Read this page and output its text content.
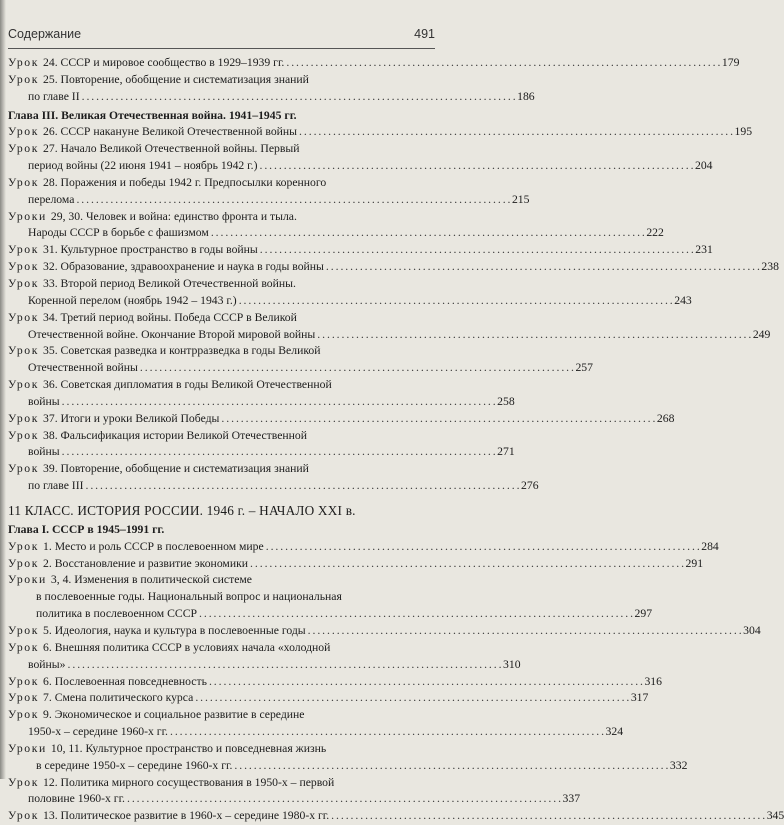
Содержание	491
Урок 24. СССР и мировое сообщество в 1929–1939 гг. . . .	179
Урок 25. Повторение, обобщение и систематизация знаний
по главе II . . .	186
Глава III. Великая Отечественная война. 1941–1945 гг.
Урок 26. СССР накануне Великой Отечественной войны . . .	195
Урок 27. Начало Великой Отечественной войны. Первый
период войны (22 июня 1941 – ноябрь 1942 г.) . . .	204
Урок 28. Поражения и победы 1942 г. Предпосылки коренного
перелома . . .	215
Уроки 29, 30. Человек и война: единство фронта и тыла.
Народы СССР в борьбе с фашизмом . . .	222
Урок 31. Культурное пространство в годы войны . . .	231
Урок 32. Образование, здравоохранение и наука в годы войны . . .	238
Урок 33. Второй период Великой Отечественной войны.
Коренной перелом (ноябрь 1942 – 1943 г.) . . .	243
Урок 34. Третий период войны. Победа СССР в Великой
Отечественной войне. Окончание Второй мировой войны . . .	249
Урок 35. Советская разведка и контрразведка в годы Великой
Отечественной войны . . .	257
Урок 36. Советская дипломатия в годы Великой Отечественной
войны . . .	258
Урок 37. Итоги и уроки Великой Победы . . .	268
Урок 38. Фальсификация истории Великой Отечественной
войны . . .	271
Урок 39. Повторение, обобщение и систематизация знаний
по главе III . . .	276
11 КЛАСС. ИСТОРИЯ РОССИИ. 1946 г. – НАЧАЛО XXI в.
Глава I. СССР в 1945–1991 гг.
Урок 1. Место и роль СССР в послевоенном мире . . .	284
Урок 2. Восстановление и развитие экономики . . .	291
Уроки 3, 4. Изменения в политической системе
в послевоенные годы. Национальный вопрос и национальная
политика в послевоенном СССР . . .	297
Урок 5. Идеология, наука и культура в послевоенные годы . . .	304
Урок 6. Внешняя политика СССР в условиях начала «холодной
войны» . . .	310
Урок 6. Послевоенная повседневность . . .	316
Урок 7. Смена политического курса . . .	317
Урок 9. Экономическое и социальное развитие в середине
1950-х – середине 1960-х гг. . . .	324
Уроки 10, 11. Культурное пространство и повседневная жизнь
в середине 1950-х – середине 1960-х гг. . . .	332
Урок 12. Политика мирного сосуществования в 1950-х – первой
половине 1960-х гг. . . .	337
Урок 13. Политическое развитие в 1960-х – середине 1980-х гг. . . .	345
